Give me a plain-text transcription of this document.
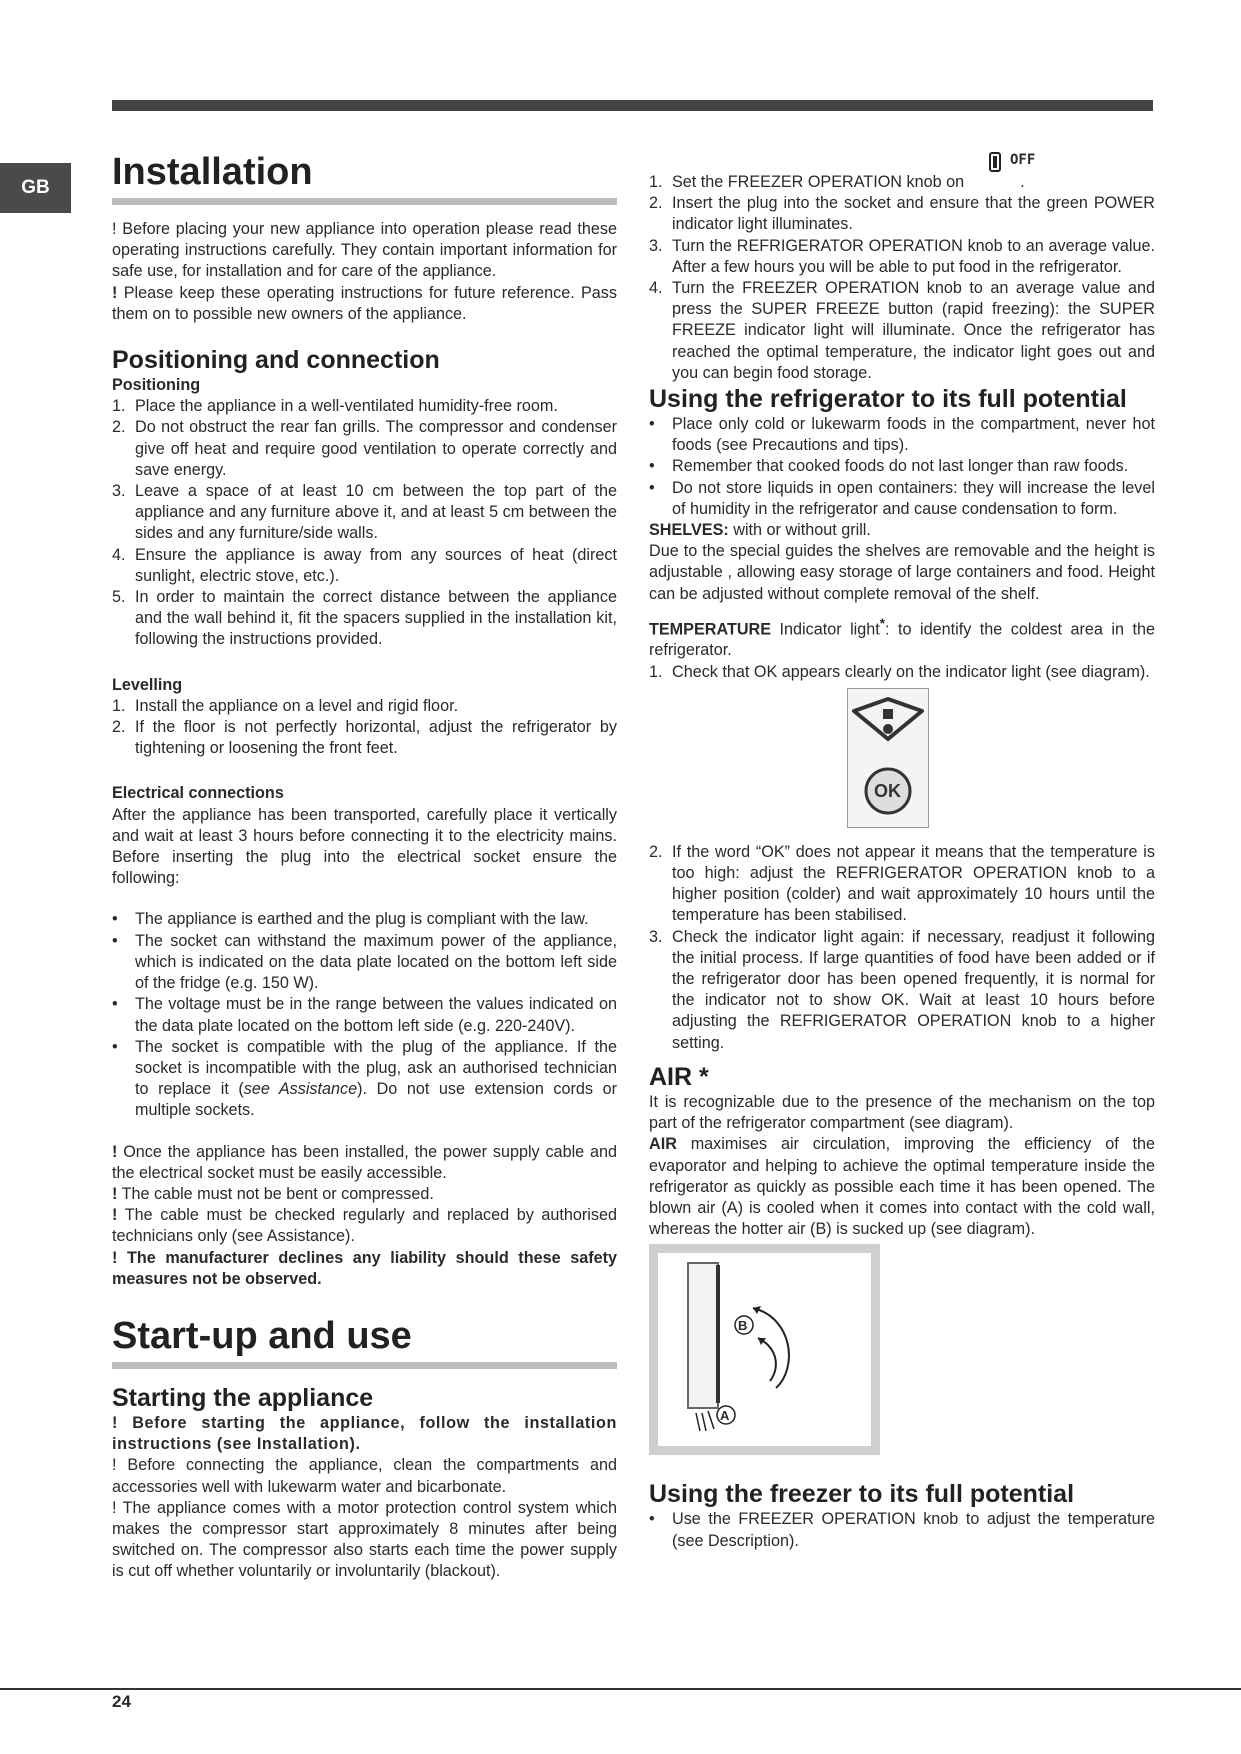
GB	Installation

! Before placing your new appliance into operation please read these operating instructions carefully. They contain important information for safe use, for installation and for care of the appliance.

! Please keep these operating instructions for future reference. Pass them on to possible new owners of the appliance.

Positioning and connection
Positioning
1. Place the appliance in a well-ventilated humidity-free room.
2. Do not obstruct the rear fan grills. The compressor and condenser give off heat and require good ventilation to operate correctly and save energy.
3. Leave a space of at least 10 cm between the top part of the appliance and any furniture above it, and at least 5 cm between the sides and any furniture/side walls.
4. Ensure the appliance is away from any sources of heat (direct sunlight, electric stove, etc.).
5. In order to maintain the correct distance between the appliance and the wall behind it, fit the spacers supplied in the installation kit, following the instructions provided.
Levelling
1. Install the appliance on a level and rigid floor.
2. If the floor is not perfectly horizontal, adjust the refrigerator by tightening or loosening the front feet.
Electrical connections

After the appliance has been transported, carefully place it vertically and wait at least 3 hours before connecting it to the electricity mains. Before inserting the plug into the electrical socket ensure the following:

• The appliance is earthed and the plug is compliant with the law.
• The socket can withstand the maximum power of the appliance, which is indicated on the data plate located on the bottom left side of the fridge (e.g. 150 W).
• The voltage must be in the range between the values indicated on the data plate located on the bottom left side (e.g. 220-240V).
• The socket is compatible with the plug of the appliance. If the socket is incompatible with the plug, ask an authorised technician to replace it (see Assistance). Do not use extension cords or multiple sockets.

! Once the appliance has been installed, the power supply cable and the electrical socket must be easily accessible.

! The cable must not be bent or compressed.

! The cable must be checked regularly and replaced by authorised technicians only (see Assistance).

! The manufacturer declines any liability should these safety measures not be observed.

Start-up and use
Starting the appliance

! Before starting the appliance, follow the installation instructions (see Installation).

! Before connecting the appliance, clean the compartments and accessories well with lukewarm water and bicarbonate.

! The appliance comes with a motor protection control system which makes the compressor start approximately 8 minutes after being switched on. The compressor also starts each time the power supply is cut off whether voluntarily or involuntarily (blackout).

OFF
1. Set the FREEZER OPERATION knob on	.
2. Insert the plug into the socket and ensure that the green POWER indicator light illuminates.
3. Turn the REFRIGERATOR OPERATION knob to an average value. After a few hours you will be able to put food in the refrigerator.
4. Turn the FREEZER OPERATION knob to an average value and press the SUPER FREEZE button (rapid freezing): the SUPER FREEZE indicator light will illuminate. Once the refrigerator has reached the optimal temperature, the indicator light goes out and you can begin food storage.
Using the refrigerator to its full potential
• Place only cold or lukewarm foods in the compartment, never hot foods (see Precautions and tips).
• Remember that cooked foods do not last longer than raw foods.
• Do not store liquids in open containers: they will increase the level of humidity in the refrigerator and cause condensation to form.

SHELVES: with or without grill.

Due to the special guides the shelves are removable and the height is adjustable , allowing easy storage of large containers and food. Height can be adjusted without complete removal of the shelf.

TEMPERATURE Indicator light*: to identify the coldest area in the refrigerator.

1. Check that OK appears clearly on the indicator light (see diagram).
OK
2. If the word “OK” does not appear it means that the temperature is too high: adjust the REFRIGERATOR OPERATION knob to a higher position (colder) and wait approximately 10 hours until the temperature has been stabilised.
3. Check the indicator light again: if necessary, readjust it following the initial process. If large quantities of food have been added or if the refrigerator door has been opened frequently, it is normal for the indicator not to show OK. Wait at least 10 hours before adjusting the REFRIGERATOR OPERATION knob to a higher setting.
AIR *

It is recognizable due to the presence of the mechanism on the top part of the refrigerator compartment (see diagram).

AIR maximises air circulation, improving the efficiency of the evaporator and helping to achieve the optimal temperature inside the refrigerator as quickly as possible each time it has been opened. The blown air (A) is cooled when it comes into contact with the cold wall, whereas the hotter air (B) is sucked up (see diagram).

B
A
Using the freezer to its full potential
• Use the FREEZER OPERATION knob to adjust the temperature (see Description).
24
